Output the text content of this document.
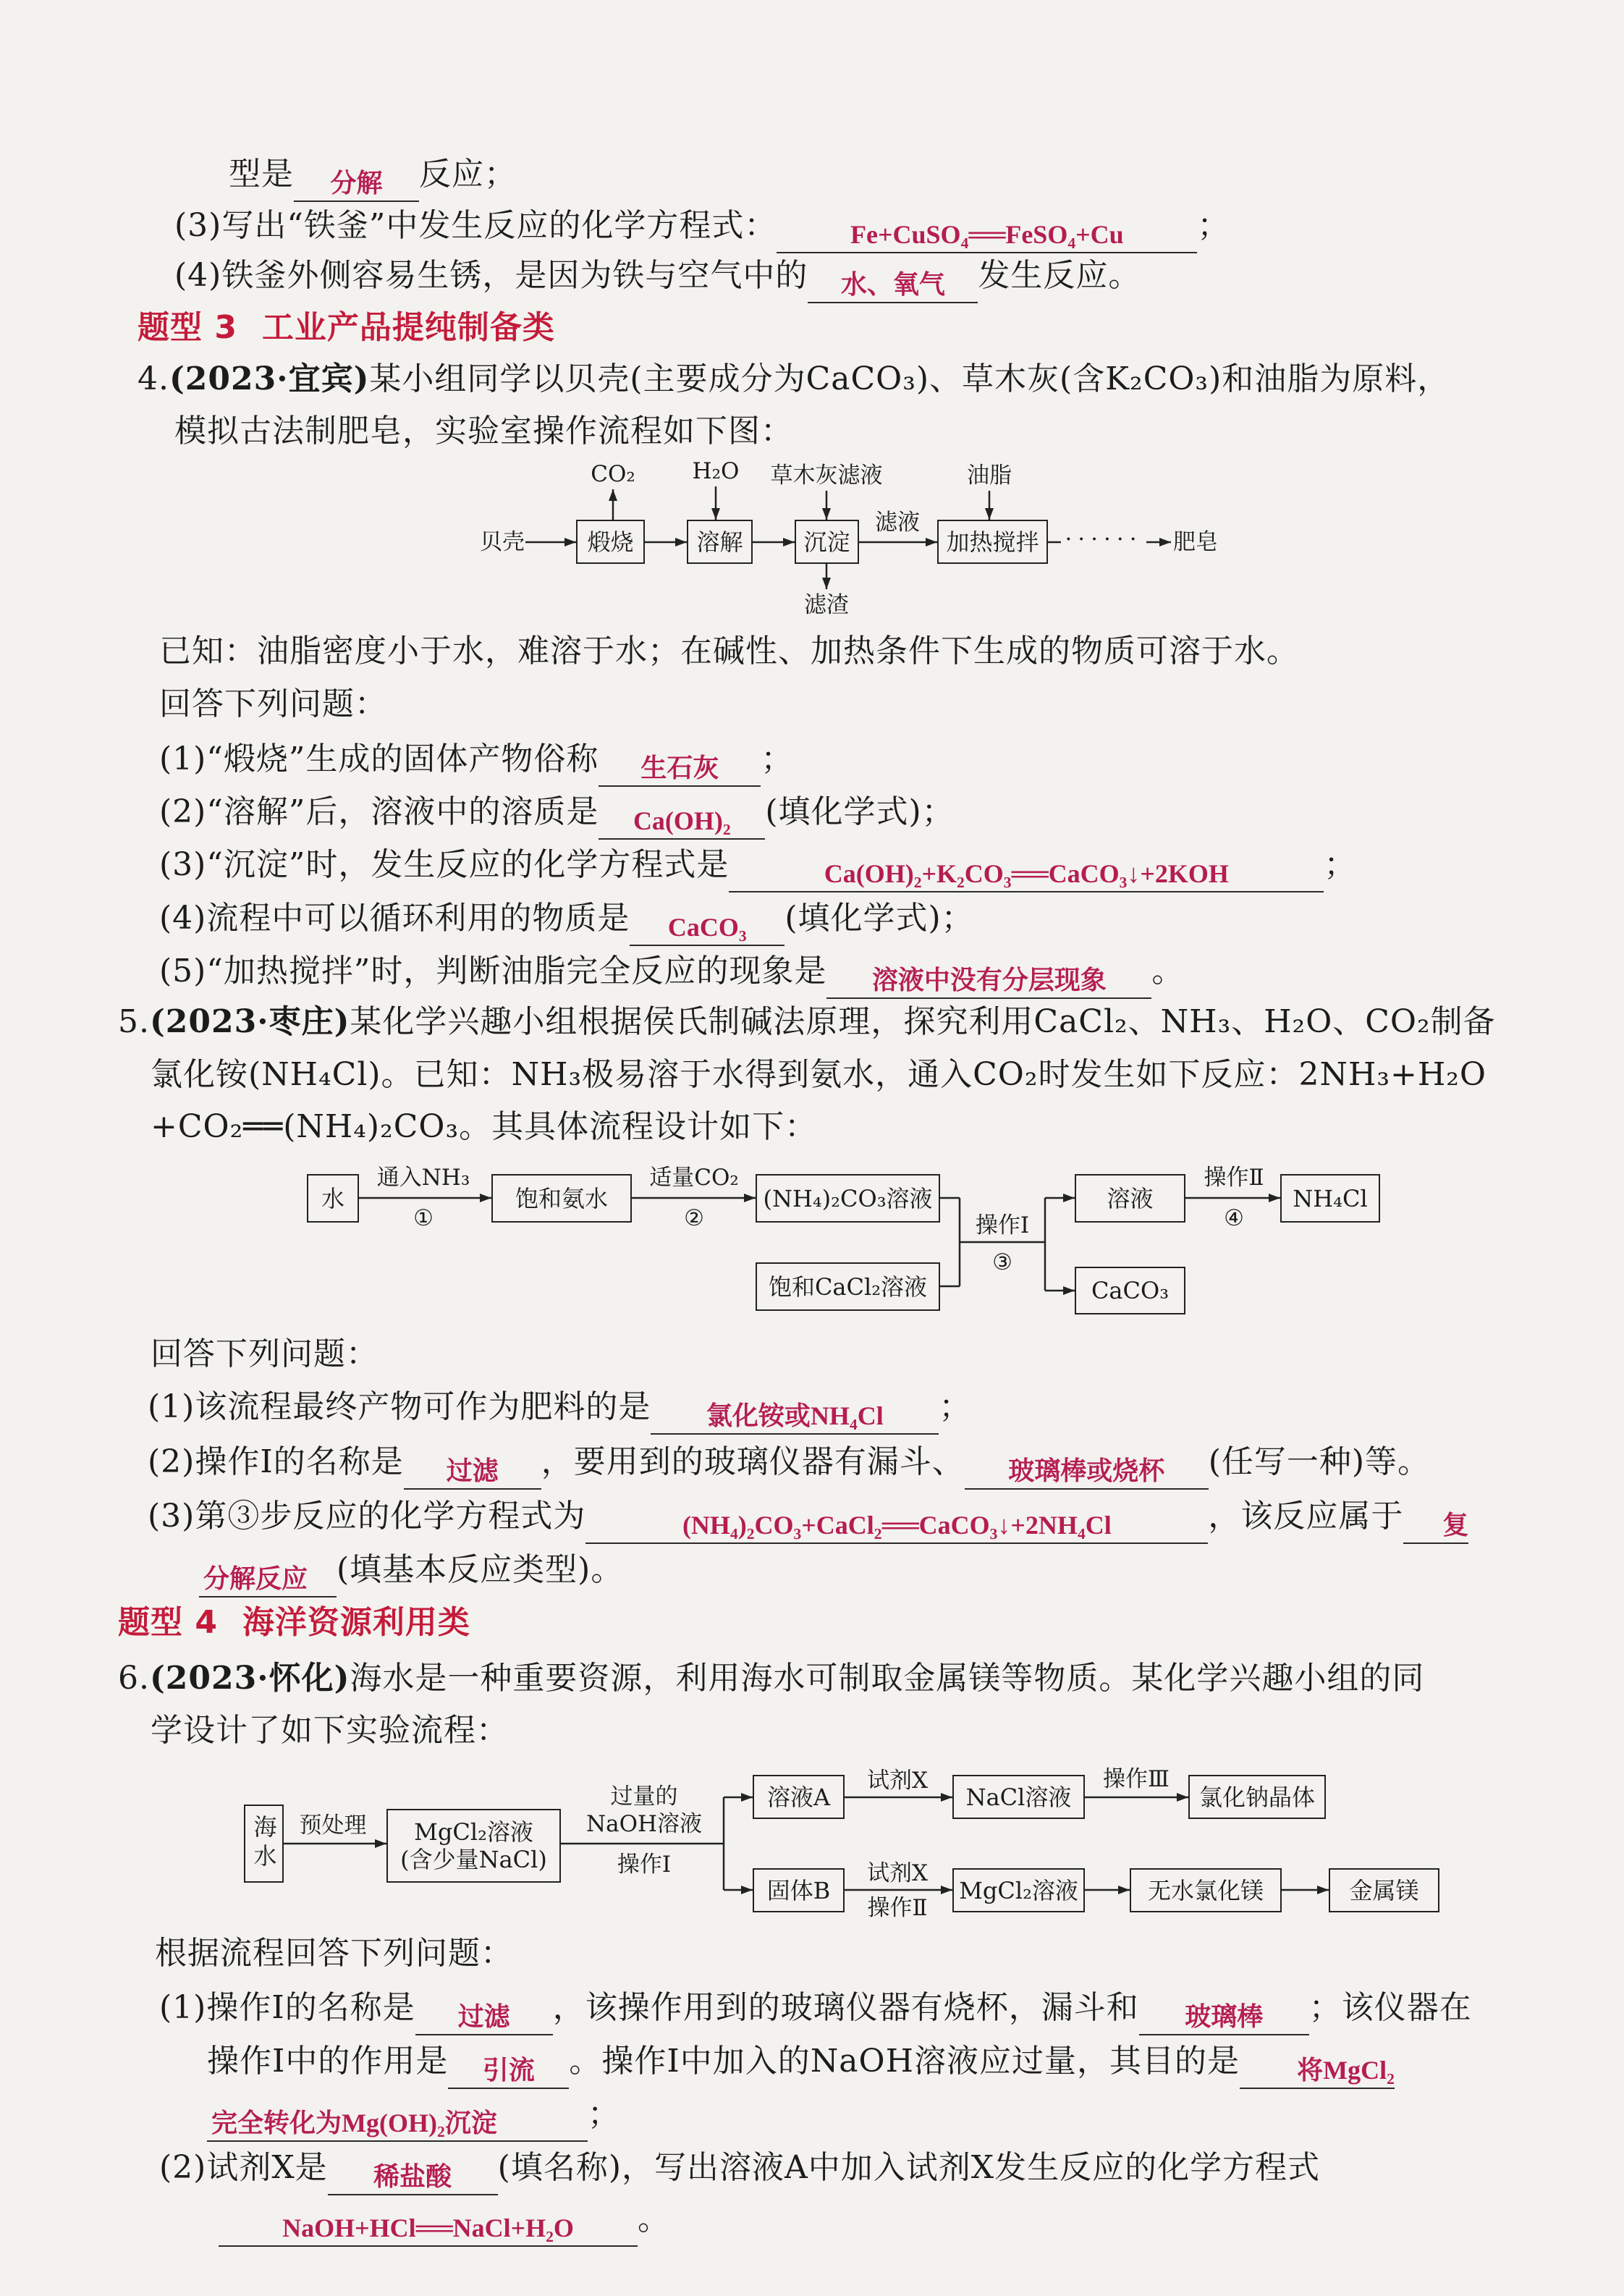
型是 分解 反应；
(3)写出“铁釜”中发生反应的化学方程式：	Fe+CuSO₄══FeSO₄+Cu ；
(4)铁釜外侧容易生锈，是因为铁与空气中的 水、氧气 发生反应。
题型 3 工业产品提纯制备类
4.(2023·宜宾)某小组同学以贝壳(主要成分为CaCO₃)、草木灰(含K₂CO₃)和油脂为原料，
模拟古法制肥皂，实验室操作流程如下图：
贝壳
CO₂	H₂O 草木灰滤液	油脂
煅烧	溶解	沉淀	加热搅拌
滤液
滤渣
······ 肥皂
已知：油脂密度小于水，难溶于水；在碱性、加热条件下生成的物质可溶于水。
回答下列问题：
(1)“煅烧”生成的固体产物俗称 生石灰 ；
(2)“溶解”后，溶液中的溶质是 Ca(OH)₂ (填化学式)；
(3)“沉淀”时，发生反应的化学方程式是	Ca(OH)₂+K₂CO₃══CaCO₃↓+2KOH	；
(4)流程中可以循环利用的物质是 CaCO₃ (填化学式)；
(5)“加热搅拌”时，判断油脂完全反应的现象是 溶液中没有分层现象 。
5.(2023·枣庄)某化学兴趣小组根据侯氏制碱法原理，探究利用CaCl₂、NH₃、H₂O、CO₂制备
氯化铵(NH₄Cl)。已知：NH₃极易溶于水得到氨水，通入CO₂时发生如下反应：2NH₃+H₂O
+CO₂══(NH₄)₂CO₃。其具体流程设计如下：
水
通入NH₃
①
饱和氨水
适量CO₂
②
(NH₄)₂CO₃溶液
饱和CaCl₂溶液
操作Ⅰ
③
溶液
CaCO₃
操作Ⅱ
④
NH₄Cl
回答下列问题：
(1)该流程最终产物可作为肥料的是 氯化铵或NH₄Cl ；
(2)操作Ⅰ的名称是 过滤 ，要用到的玻璃仪器有漏斗、 玻璃棒或烧杯 (任写一种)等。
(3)第③步反应的化学方程式为	(NH₄)₂CO₃+CaCl₂══CaCO₃↓+2NH₄Cl	，该反应属于 复
分解反应 (填基本反应类型)。
题型 4 海洋资源利用类
6.(2023·怀化)海水是一种重要资源，利用海水可制取金属镁等物质。某化学兴趣小组的同
学设计了如下实验流程：
海水 预处理 MgCl₂溶液
(含少量NaCl)
过量的
NaOH溶液
操作Ⅰ
溶液A
固体B
试剂X
NaCl溶液
操作Ⅲ
氯化钠晶体
试剂X
操作Ⅱ
MgCl₂溶液	无水氯化镁	金属镁
根据流程回答下列问题：
(1)操作Ⅰ的名称是 过滤 ，该操作用到的玻璃仪器有烧杯，漏斗和 玻璃棒 ；该仪器在
操作Ⅰ中的作用是 引流 。操作Ⅰ中加入的NaOH溶液应过量，其目的是 将MgCl₂
完全转化为Mg(OH)₂沉淀	；
(2)试剂X是 稀盐酸 (填名称)，写出溶液A中加入试剂X发生反应的化学方程式
NaOH+HCl══NaCl+H₂O 。
